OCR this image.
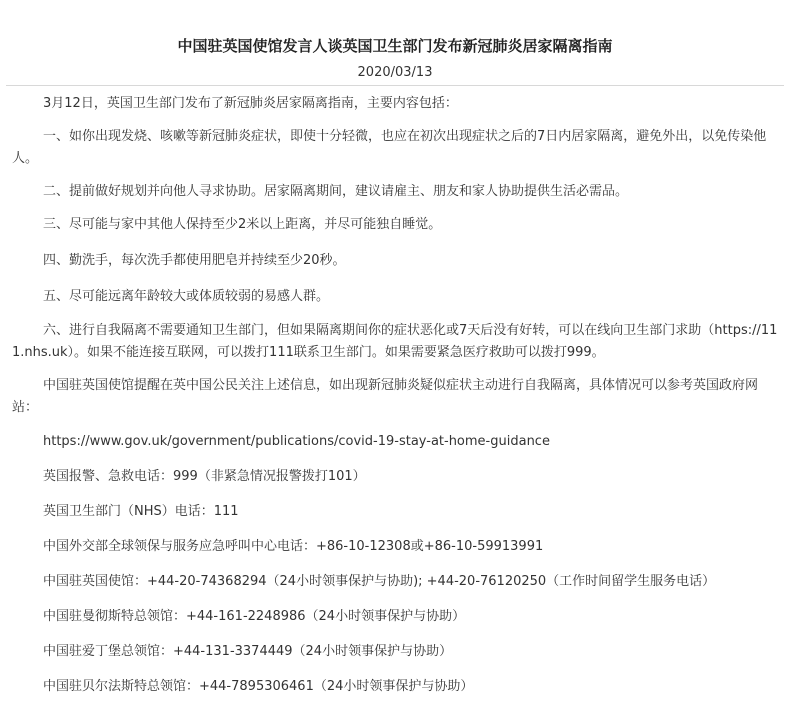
中国驻英国使馆发言人谈英国卫生部门发布新冠肺炎居家隔离指南
2020/03/13

3月12日，英国卫生部门发布了新冠肺炎居家隔离指南，主要内容包括：

一、如你出现发烧、咳嗽等新冠肺炎症状，即使十分轻微，也应在初次出现症状之后的7日内居家隔离，避免外出，以免传染他人。

二、提前做好规划并向他人寻求协助。居家隔离期间，建议请雇主、朋友和家人协助提供生活必需品。

三、尽可能与家中其他人保持至少2米以上距离，并尽可能独自睡觉。

四、勤洗手，每次洗手都使用肥皂并持续至少20秒。

五、尽可能远离年龄较大或体质较弱的易感人群。

六、进行自我隔离不需要通知卫生部门，但如果隔离期间你的症状恶化或7天后没有好转，可以在线向卫生部门求助（https://111.nhs.uk）。如果不能连接互联网，可以拨打111联系卫生部门。如果需要紧急医疗救助可以拨打999。

中国驻英国使馆提醒在英中国公民关注上述信息，如出现新冠肺炎疑似症状主动进行自我隔离，具体情况可以参考英国政府网站：

https://www.gov.uk/government/publications/covid-19-stay-at-home-guidance

英国报警、急救电话：999（非紧急情况报警拨打101）

英国卫生部门（NHS）电话：111

中国外交部全球领保与服务应急呼叫中心电话：+86-10-12308或+86-10-59913991

中国驻英国使馆：+44-20-74368294（24小时领事保护与协助); +44-20-76120250（工作时间留学生服务电话）

中国驻曼彻斯特总领馆：+44-161-2248986（24小时领事保护与协助）

中国驻爱丁堡总领馆：+44-131-3374449（24小时领事保护与协助）

中国驻贝尔法斯特总领馆：+44-7895306461（24小时领事保护与协助）
